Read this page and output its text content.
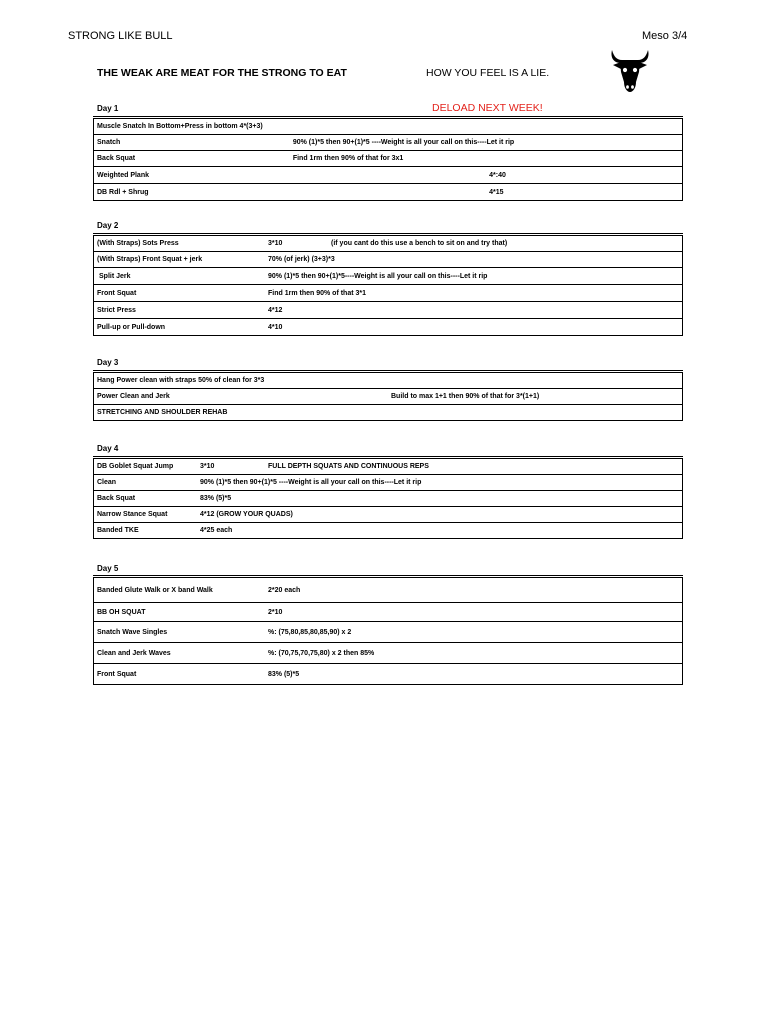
STRONG LIKE BULL	Meso 3/4
THE WEAK ARE MEAT FOR THE STRONG TO EAT	HOW YOU FEEL IS A LIE.
DELOAD NEXT WEEK!
Day 1
Muscle Snatch In Bottom+Press in bottom 4*(3+3)		
Snatch	90% (1)*5 then 90+(1)*5 ----Weight is all your call on this----Let it rip	
Back Squat	Find 1rm then 90% of that for 3x1	
Weighted Plank		4*:40
DB Rdl + Shrug		4*15
Day 2
(With Straps) Sots Press	3*10	(if you cant do this use a bench to sit on and try that)
(With Straps) Front Squat + jerk	70% (of jerk) (3+3)*3	
Split Jerk	90% (1)*5 then 90+(1)*5----Weight is all your call on this----Let it rip	
Front Squat	Find 1rm then 90% of that 3*1	
Strict Press	4*12	
Pull-up or Pull-down	4*10	
Day 3
Hang Power clean with straps 50% of clean for 3*3
Power Clean and Jerk	Build to max 1+1 then 90% of that for 3*(1+1)
STRETCHING AND SHOULDER REHAB
Day 4
DB Goblet Squat Jump	3*10	FULL DEPTH SQUATS AND CONTINUOUS REPS
Clean	90% (1)*5 then 90+(1)*5 ----Weight is all your call on this----Let it rip	
Back Squat	83% (5)*5	
Narrow Stance Squat	4*12 (GROW YOUR QUADS)	
Banded TKE	4*25 each	
Day 5
Banded Glute Walk or X band Walk	2*20 each
BB OH SQUAT	2*10
Snatch Wave Singles	%: (75,80,85,80,85,90) x 2
Clean and Jerk Waves	%: (70,75,70,75,80) x 2 then 85%
Front Squat	83% (5)*5
